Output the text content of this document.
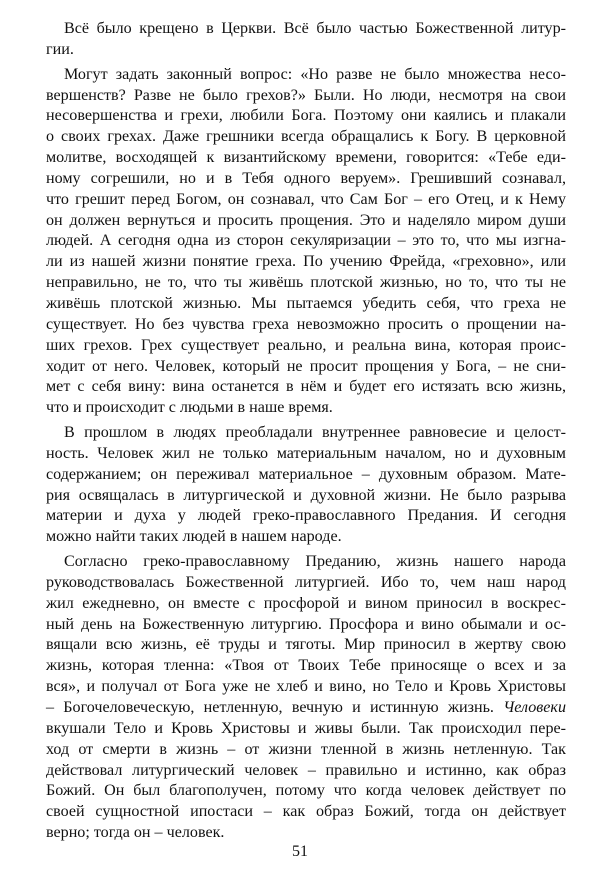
Всё было крещено в Церкви. Всё было частью Божественной литур-
гии.
Могут задать законный вопрос: «Но разве не было множества несо-
вершенств? Разве не было грехов?» Были. Но люди, несмотря на свои
несовершенства и грехи, любили Бога. Поэтому они каялись и плакали
о своих грехах. Даже грешники всегда обращались к Богу. В церковной
молитве, восходящей к византийскому времени, говорится: «Тебе еди-
ному согрешили, но и в Тебя одного веруем». Грешивший сознавал,
что грешит перед Богом, он сознавал, что Сам Бог – его Отец, и к Нему
он должен вернуться и просить прощения. Это и наделяло миром души
людей. А сегодня одна из сторон секуляризации – это то, что мы изгна-
ли из нашей жизни понятие греха. По учению Фрейда, «греховно», или
неправильно, не то, что ты живёшь плотской жизнью, но то, что ты не
живёшь плотской жизнью. Мы пытаемся убедить себя, что греха не
существует. Но без чувства греха невозможно просить о прощении на-
ших грехов. Грех существует реально, и реальна вина, которая проис-
ходит от него. Человек, который не просит прощения у Бога, – не сни-
мет с себя вину: вина останется в нём и будет его истязать всю жизнь,
что и происходит с людьми в наше время.
В прошлом в людях преобладали внутреннее равновесие и целост-
ность. Человек жил не только материальным началом, но и духовным
содержанием; он переживал материальное – духовным образом. Мате-
рия освящалась в литургической и духовной жизни. Не было разрыва
материи и духа у людей греко-православного Предания. И сегодня
можно найти таких людей в нашем народе.
Согласно греко-православному Преданию, жизнь нашего народа
руководствовалась Божественной литургией. Ибо то, чем наш народ
жил ежедневно, он вместе с просфорой и вином приносил в воскрес-
ный день на Божественную литургию. Просфора и вино обымали и ос-
вящали всю жизнь, её труды и тяготы. Мир приносил в жертву свою
жизнь, которая тленна: «Твоя от Твоих Тебе приносяще о всех и за
вся», и получал от Бога уже не хлеб и вино, но Тело и Кровь Христовы
– Богочеловеческую, нетленную, вечную и истинную жизнь. Человеки
вкушали Тело и Кровь Христовы и живы были. Так происходил пере-
ход от смерти в жизнь – от жизни тленной в жизнь нетленную. Так
действовал литургический человек – правильно и истинно, как образ
Божий. Он был благополучен, потому что когда человек действует по
своей сущностной ипостаси – как образ Божий, тогда он действует
верно; тогда он – человек.
51
